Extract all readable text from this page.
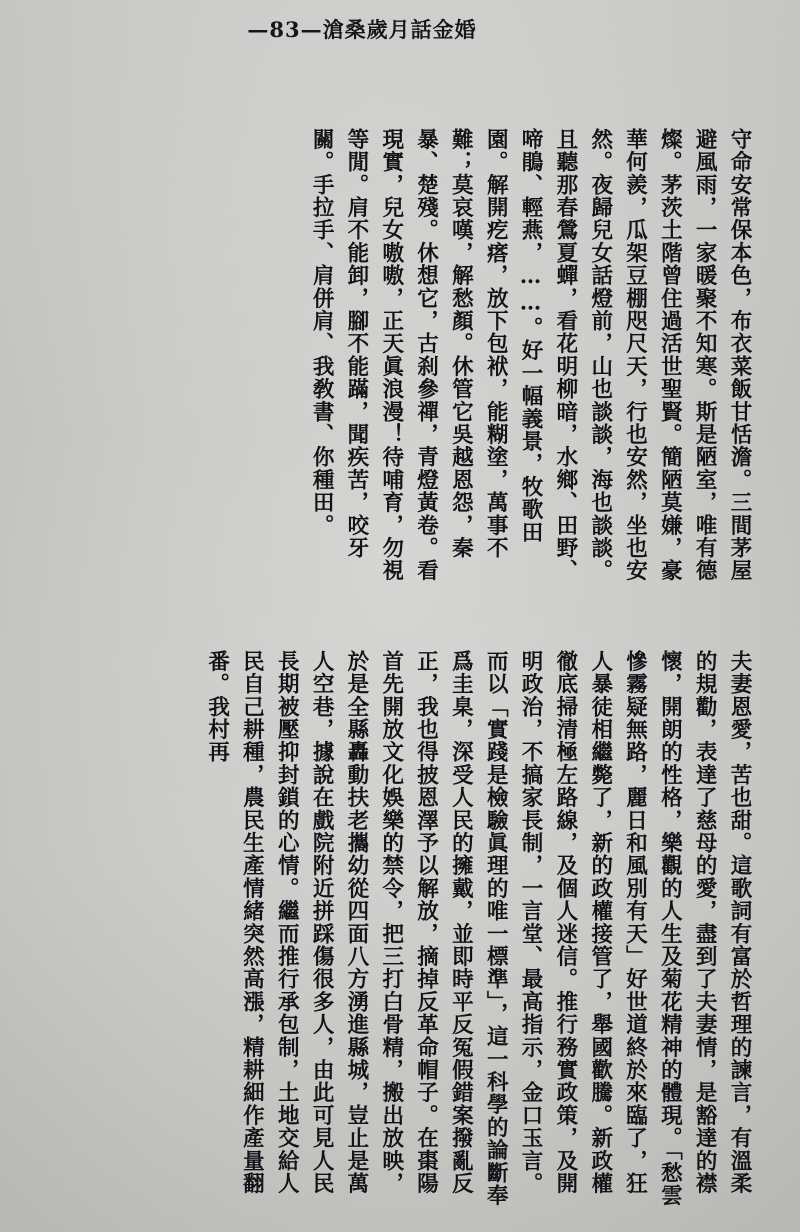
—83—滄桑歲月話金婚

守命安常保本色，布衣菜飯甘恬澹。三間茅屋避風雨，一家暖聚不知寒。斯是陋室，唯有德燦。茅茨土階曾住過活世聖賢。簡陋莫嫌，豪華何羨，瓜架豆棚咫尺天，行也安然，坐也安然。夜歸兒女話燈前，山也談談，海也談談。且聽那春鶯夏蟬，看花明柳暗，水鄉、田野、啼鵑、輕燕，……。好一幅義景，牧歌田園。解開疙瘩，放下包袱，能糊塗，萬事不難；莫哀嘆，解愁顏。休管它吳越恩怨，秦暴、楚殘。休想它，古刹參禪，青燈黃卷。看現實，兒女嗷嗷，正天眞浪漫！待哺育，勿視等閒。肩不能卸，腳不能蹣，聞疾苦，咬牙關。手拉手、肩併肩、我敎書、你種田。

夫妻恩愛，苦也甜。這歌詞有富於哲理的諫言，有溫柔的規勸，表達了慈母的愛，盡到了夫妻情，是豁達的襟懷，開朗的性格，樂觀的人生及菊花精神的體現。「愁雲慘霧疑無路，麗日和風別有天」好世道終於來臨了，狂人暴徒相繼斃了，新的政權接管了，舉國歡騰。新政權徹底掃清極左路線，及個人迷信。推行務實政策，及開明政治，不搞家長制，一言堂、最高指示，金口玉言。而以「實踐是檢驗眞理的唯一標準」，這一科學的論斷奉爲圭臬，深受人民的擁戴，並即時平反冤假錯案撥亂反正，我也得披恩澤予以解放，摘掉反革命帽子。在棗陽首先開放文化娛樂的禁令，把三打白骨精，搬出放映，於是全縣轟動扶老攜幼從四面八方湧進縣城，豈止是萬人空巷，據說在戲院附近拼踩傷很多人，由此可見人民長期被壓抑封鎖的心情。繼而推行承包制，土地交給人民自己耕種，農民生產情緒突然高漲，精耕細作產量翻番。我村再
